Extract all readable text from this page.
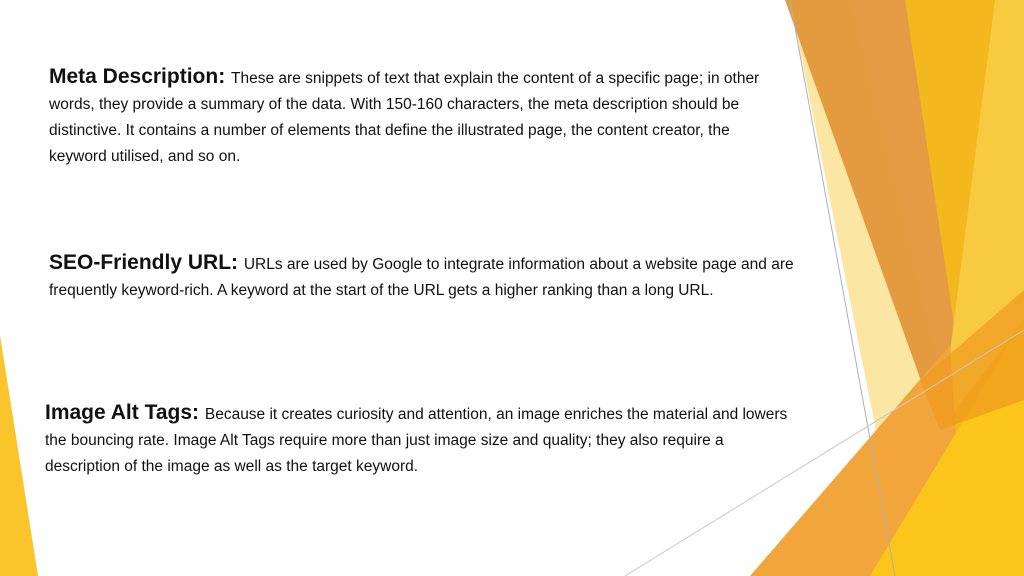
Meta Description: These are snippets of text that explain the content of a specific page; in other words, they provide a summary of the data. With 150-160 characters, the meta description should be distinctive. It contains a number of elements that define the illustrated page, the content creator, the keyword utilised, and so on.
SEO-Friendly URL: URLs are used by Google to integrate information about a website page and are frequently keyword-rich. A keyword at the start of the URL gets a higher ranking than a long URL.
Image Alt Tags: Because it creates curiosity and attention, an image enriches the material and lowers the bouncing rate. Image Alt Tags require more than just image size and quality; they also require a description of the image as well as the target keyword.
